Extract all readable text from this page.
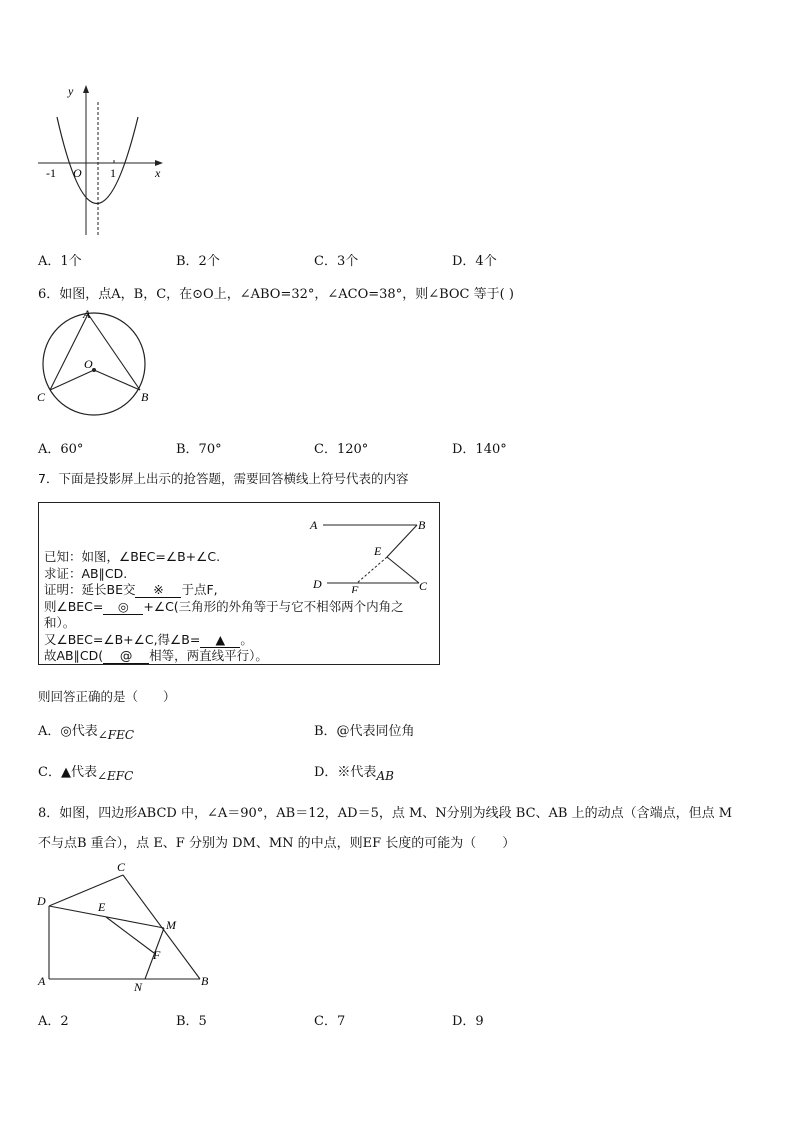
y
x
O
-1	1
A．1个	B．2个	C．3个	D．4个
6．如图，点A，B，C，在⊙O上，∠ABO=32°，∠ACO=38°，则∠BOC 等于( )
A
O
C	B
A．60°	B．70°	C．120°	D．140°
7．下面是投影屏上出示的抢答题，需要回答横线上符号代表的内容
已知：如图，∠BEC=∠B+∠C.
求证：AB∥CD.
证明：延长BE交 ※ 于点F,
则∠BEC= ◎ +∠C(三角形的外角等于与它不相邻两个内角之
和）。
又∠BEC=∠B+∠C,得∠B= ▲ 。
故AB∥CD( @ 相等，两直线平行）。
A	B
E
D F	C
则回答正确的是（　　）
A．◎代表∠FEC	B．@代表同位角
C．▲代表∠EFC	D．※代表AB
8．如图，四边形ABCD 中，∠A＝90°，AB＝12，AD＝5，点 M、N分别为线段 BC、AB 上的动点（含端点，但点 M
不与点B 重合），点 E、F 分别为 DM、MN 的中点，则EF 长度的可能为（　　）
C
D	E
M
F
A	N	B
A．2	B．5	C．7	D．9
